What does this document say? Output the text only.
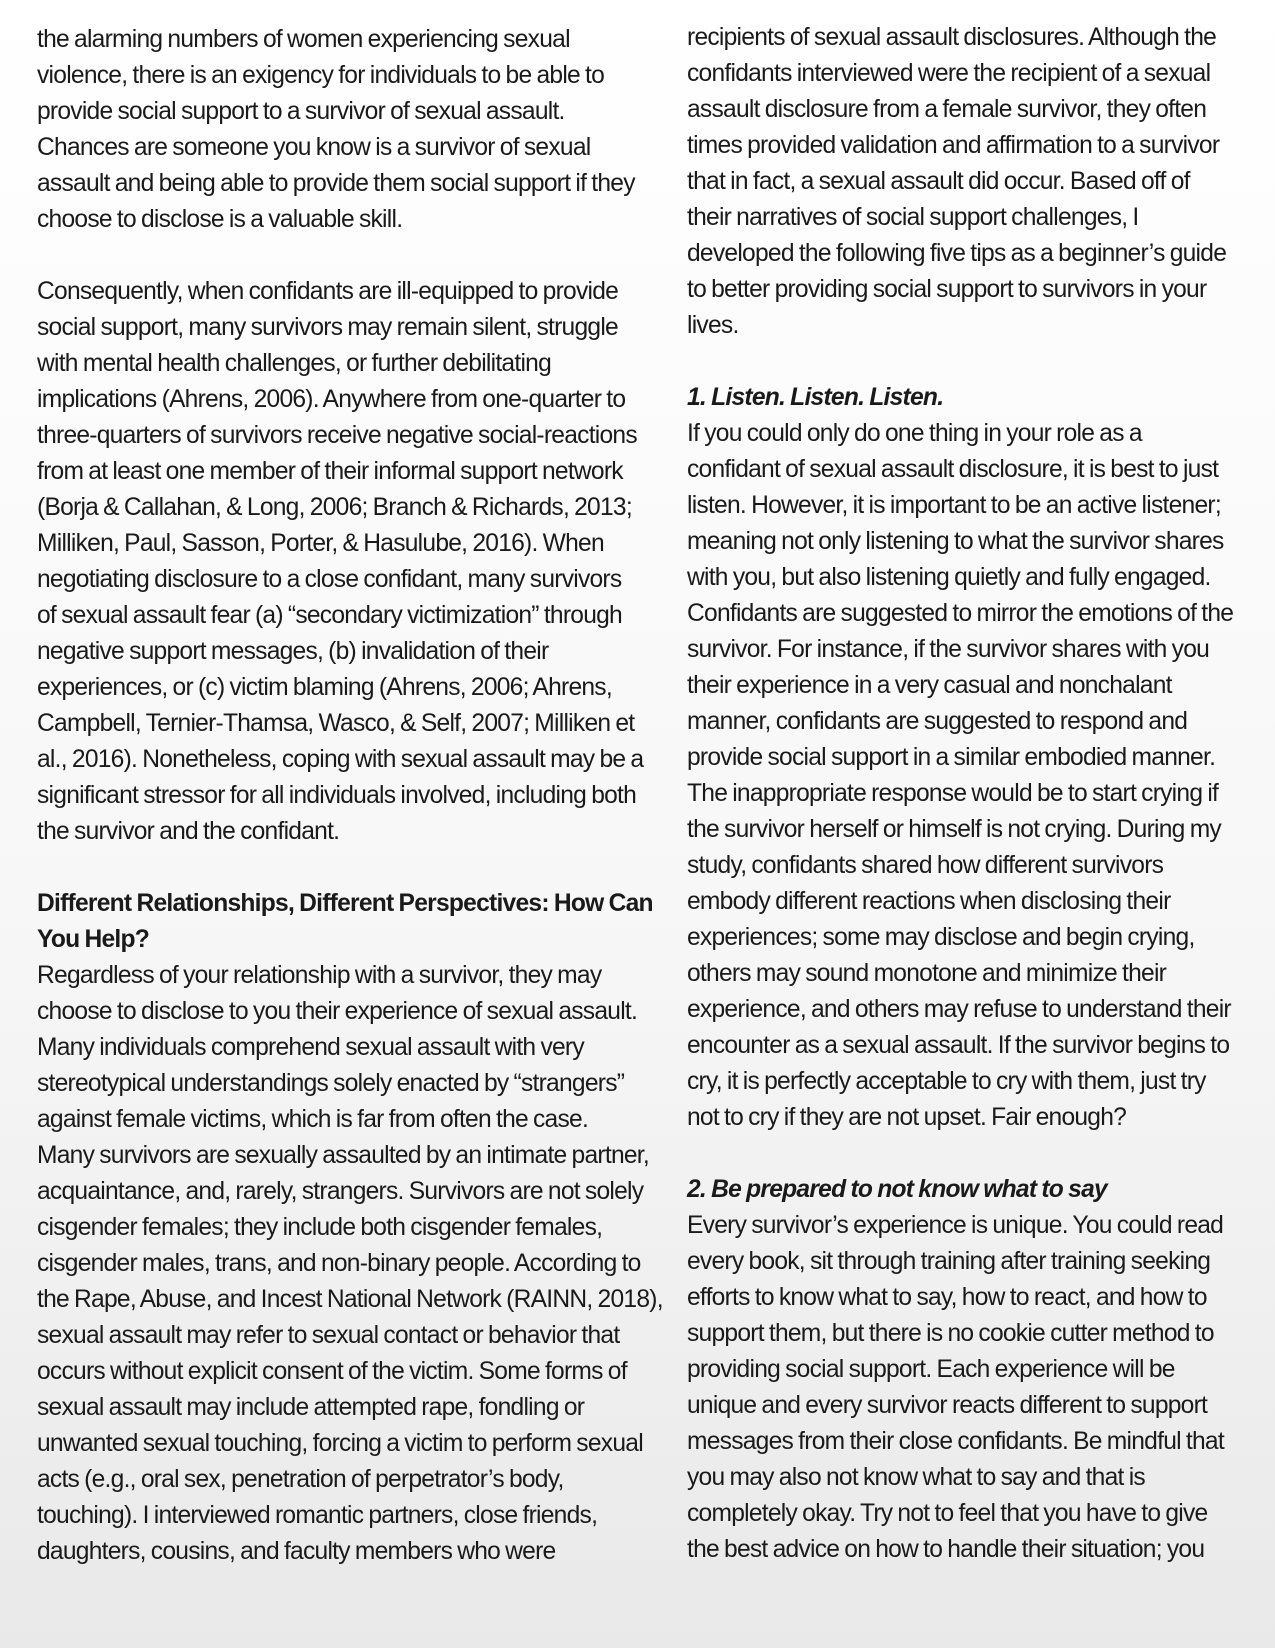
the alarming numbers of women experiencing sexual
violence, there is an exigency for individuals to be able to
provide social support to a survivor of sexual assault.
Chances are someone you know is a survivor of sexual
assault and being able to provide them social support if they
choose to disclose is a valuable skill.

Consequently, when confidants are ill-equipped to provide
social support, many survivors may remain silent, struggle
with mental health challenges, or further debilitating
implications (Ahrens, 2006). Anywhere from one-quarter to
three-quarters of survivors receive negative social-reactions
from at least one member of their informal support network
(Borja & Callahan, & Long, 2006; Branch & Richards, 2013;
Milliken, Paul, Sasson, Porter, & Hasulube, 2016). When
negotiating disclosure to a close confidant, many survivors
of sexual assault fear (a) “secondary victimization” through
negative support messages, (b) invalidation of their
experiences, or (c) victim blaming (Ahrens, 2006; Ahrens,
Campbell, Ternier-Thamsa, Wasco, & Self, 2007; Milliken et
al., 2016). Nonetheless, coping with sexual assault may be a
significant stressor for all individuals involved, including both
the survivor and the confidant.

Different Relationships, Different Perspectives: How Can
You Help?

Regardless of your relationship with a survivor, they may
choose to disclose to you their experience of sexual assault.
Many individuals comprehend sexual assault with very
stereotypical understandings solely enacted by “strangers”
against female victims, which is far from often the case.
Many survivors are sexually assaulted by an intimate partner,
acquaintance, and, rarely, strangers. Survivors are not solely
cisgender females; they include both cisgender females,
cisgender males, trans, and non-binary people. According to
the Rape, Abuse, and Incest National Network (RAINN, 2018),
sexual assault may refer to sexual contact or behavior that
occurs without explicit consent of the victim. Some forms of
sexual assault may include attempted rape, fondling or
unwanted sexual touching, forcing a victim to perform sexual
acts (e.g., oral sex, penetration of perpetrator’s body,
touching). I interviewed romantic partners, close friends,
daughters, cousins, and faculty members who were

recipients of sexual assault disclosures. Although the
confidants interviewed were the recipient of a sexual
assault disclosure from a female survivor, they often
times provided validation and affirmation to a survivor
that in fact, a sexual assault did occur. Based off of
their narratives of social support challenges, I
developed the following five tips as a beginner’s guide
to better providing social support to survivors in your
lives.

1. Listen. Listen. Listen.

If you could only do one thing in your role as a
confidant of sexual assault disclosure, it is best to just
listen. However, it is important to be an active listener;
meaning not only listening to what the survivor shares
with you, but also listening quietly and fully engaged.
Confidants are suggested to mirror the emotions of the
survivor. For instance, if the survivor shares with you
their experience in a very casual and nonchalant
manner, confidants are suggested to respond and
provide social support in a similar embodied manner.
The inappropriate response would be to start crying if
the survivor herself or himself is not crying. During my
study, confidants shared how different survivors
embody different reactions when disclosing their
experiences; some may disclose and begin crying,
others may sound monotone and minimize their
experience, and others may refuse to understand their
encounter as a sexual assault. If the survivor begins to
cry, it is perfectly acceptable to cry with them, just try
not to cry if they are not upset. Fair enough?

2. Be prepared to not know what to say

Every survivor’s experience is unique. You could read
every book, sit through training after training seeking
efforts to know what to say, how to react, and how to
support them, but there is no cookie cutter method to
providing social support. Each experience will be
unique and every survivor reacts different to support
messages from their close confidants. Be mindful that
you may also not know what to say and that is
completely okay. Try not to feel that you have to give
the best advice on how to handle their situation; you
